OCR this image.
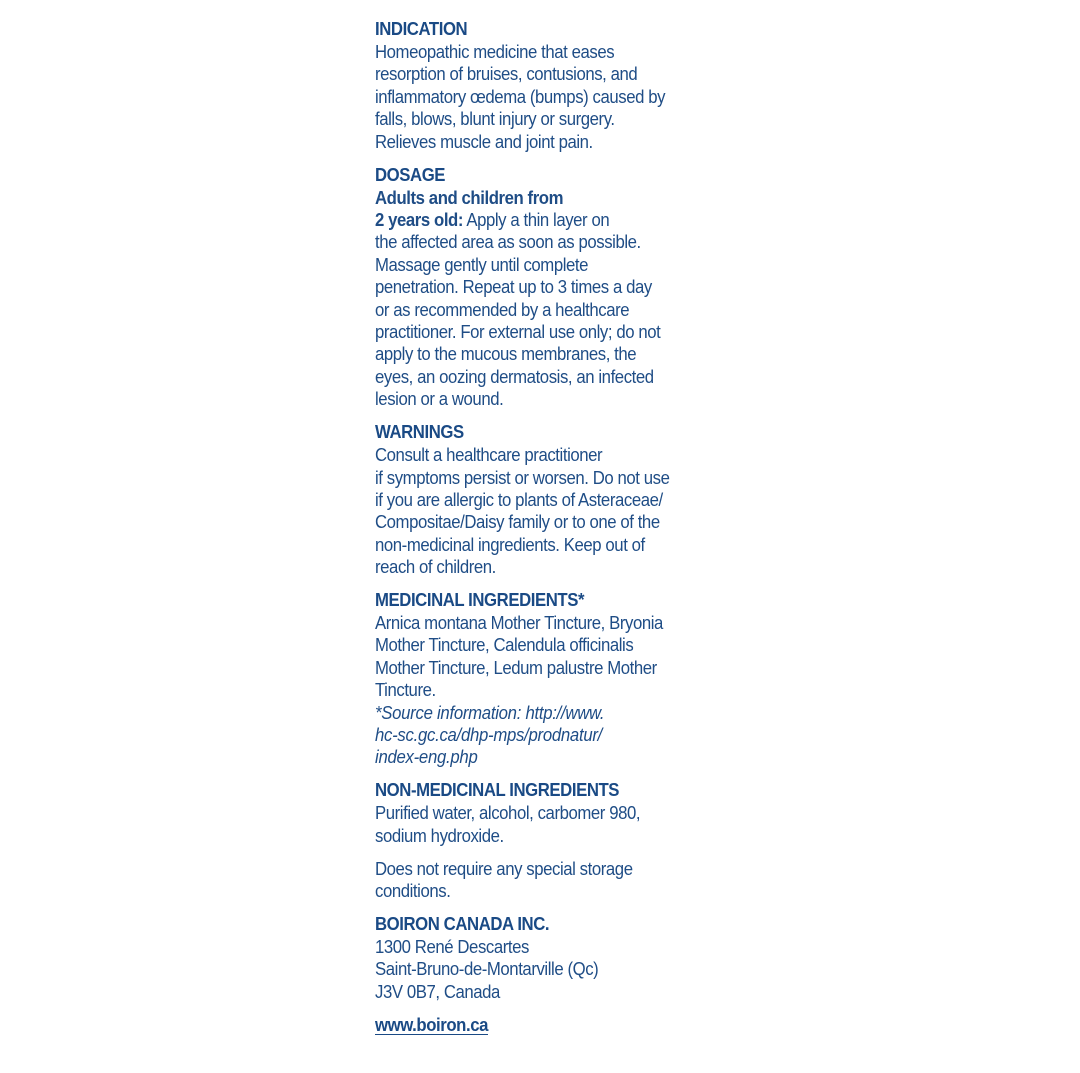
INDICATION
Homeopathic medicine that eases
resorption of bruises, contusions, and
inflammatory œdema (bumps) caused by
falls, blows, blunt injury or surgery.
Relieves muscle and joint pain.
DOSAGE
Adults and children from
2 years old: Apply a thin layer on
the affected area as soon as possible.
Massage gently until complete
penetration. Repeat up to 3 times a day
or as recommended by a healthcare
practitioner. For external use only; do not
apply to the mucous membranes, the
eyes, an oozing dermatosis, an infected
lesion or a wound.
WARNINGS
Consult a healthcare practitioner
if symptoms persist or worsen. Do not use
if you are allergic to plants of Asteraceae/
Compositae/Daisy family or to one of the
non-medicinal ingredients. Keep out of
reach of children.
MEDICINAL INGREDIENTS*
Arnica montana Mother Tincture, Bryonia
Mother Tincture, Calendula officinalis
Mother Tincture, Ledum palustre Mother
Tincture.
*Source information: http://www.
hc-sc.gc.ca/dhp-mps/prodnatur/
index-eng.php
NON-MEDICINAL INGREDIENTS
Purified water, alcohol, carbomer 980,
sodium hydroxide.
Does not require any special storage
conditions.
BOIRON CANADA INC.
1300 René Descartes
Saint-Bruno-de-Montarville (Qc)
J3V 0B7, Canada
www.boiron.ca
